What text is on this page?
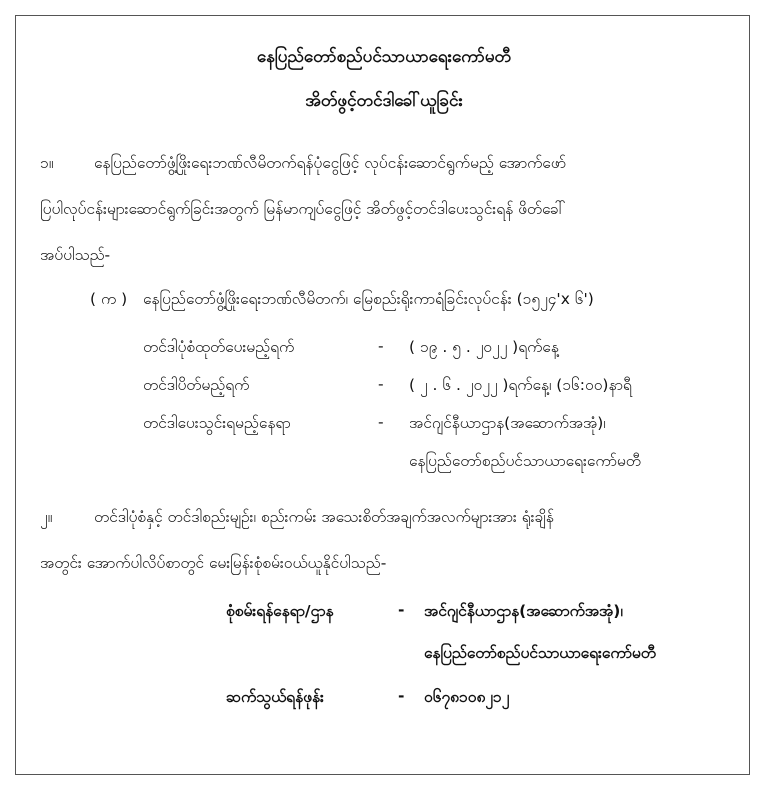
နေပြည်တော်စည်ပင်သာယာရေးကော်မတီ
အိတ်ဖွင့်တင်ဒါခေါ်ယူခြင်း
၁။	နေပြည်တော်ဖွံ့ဖြိုးရေးဘဏ်လီမိတက်ရန်ပုံငွေဖြင့် လုပ်ငန်းဆောင်ရွက်မည့် အောက်ဖော်
ပြပါလုပ်ငန်းများဆောင်ရွက်ခြင်းအတွက် မြန်မာကျပ်ငွေဖြင့် အိတ်ဖွင့်တင်ဒါပေးသွင်းရန် ဖိတ်ခေါ်
အပ်ပါသည်-
( က ) နေပြည်တော်ဖွံ့ဖြိုးရေးဘဏ်လီမိတက်၊ မြေစည်းရိုးကာရံခြင်းလုပ်ငန်း (၁၅၂၄'x ၆')
တင်ဒါပုံစံထုတ်ပေးမည့်ရက်	- ( ၁၉ . ၅ . ၂၀၂၂ )ရက်နေ့
တင်ဒါပိတ်မည့်ရက်	- ( ၂ . ၆ . ၂၀၂၂ )ရက်နေ့၊ (၁၆:၀၀)နာရီ
တင်ဒါပေးသွင်းရမည့်နေရာ	- အင်ဂျင်နီယာဌာန(အဆောက်အအုံ)၊
နေပြည်တော်စည်ပင်သာယာရေးကော်မတီ
၂။	တင်ဒါပုံစံနှင့် တင်ဒါစည်းမျဉ်း၊ စည်းကမ်း အသေးစိတ်အချက်အလက်များအား ရုံးချိန်
အတွင်း အောက်ပါလိပ်စာတွင် မေးမြန်းစုံစမ်းဝယ်ယူနိုင်ပါသည်-
စုံစမ်းရန်နေရာ/ဌာန	- အင်ဂျင်နီယာဌာန(အဆောက်အအုံ)၊
နေပြည်တော်စည်ပင်သာယာရေးကော်မတီ
ဆက်သွယ်ရန်ဖုန်း	- ၀၆၇၈၁၀၈၂၁၂
